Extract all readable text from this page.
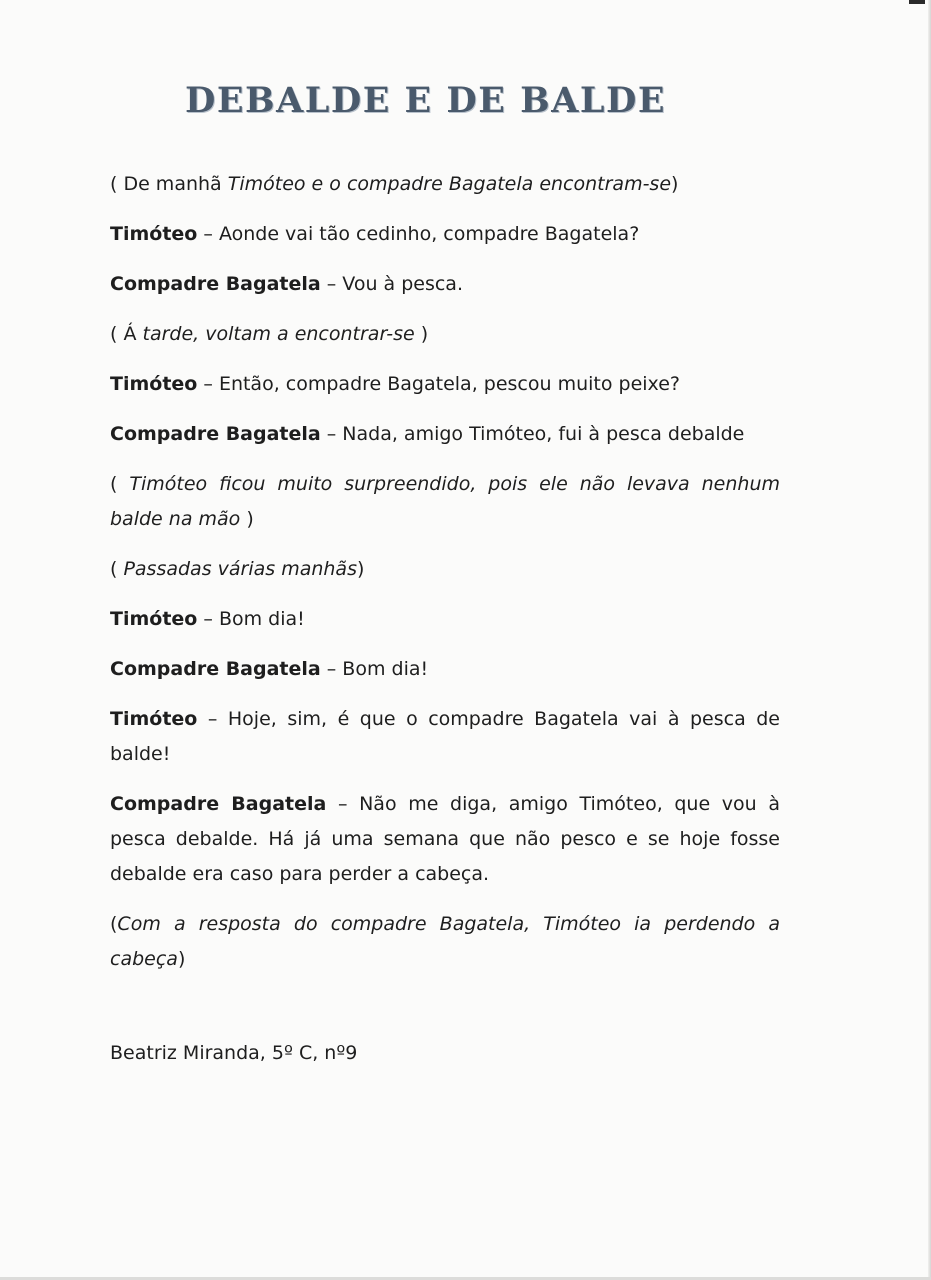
DEBALDE E DE BALDE

( De manhã Timóteo e o compadre Bagatela encontram-se)

Timóteo – Aonde vai tão cedinho, compadre Bagatela?

Compadre Bagatela – Vou à pesca.

( Á tarde, voltam a encontrar-se )

Timóteo – Então, compadre Bagatela, pescou muito peixe?

Compadre Bagatela – Nada, amigo Timóteo, fui à pesca debalde

( Timóteo ficou muito surpreendido, pois ele não levava nenhum balde na mão )

( Passadas várias manhãs)

Timóteo – Bom dia!

Compadre Bagatela – Bom dia!

Timóteo – Hoje, sim, é que o compadre Bagatela vai à pesca de balde!

Compadre Bagatela – Não me diga, amigo Timóteo, que vou à pesca debalde. Há já uma semana que não pesco e se hoje fosse debalde era caso para perder a cabeça.

(Com a resposta do compadre Bagatela, Timóteo ia perdendo a cabeça)

Beatriz Miranda, 5º C, nº9
